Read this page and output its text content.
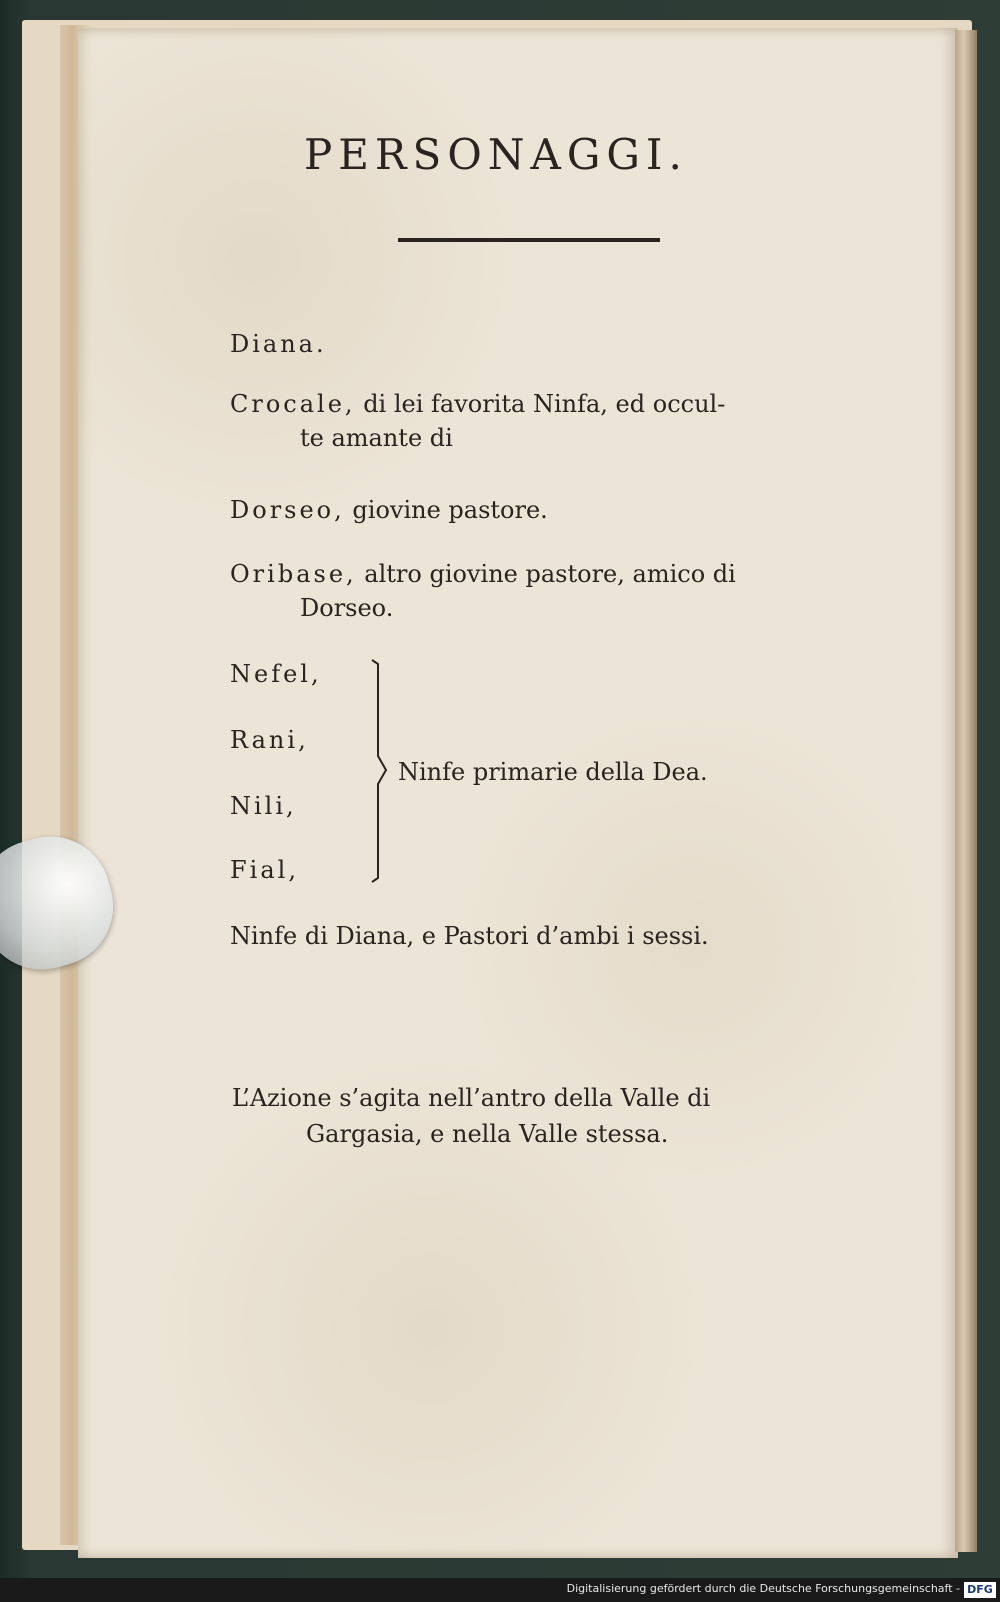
PERSONAGGI.
Diana.
Crocale, di lei favorita Ninfa, ed occul-
te amante di
Dorseo, giovine pastore.
Oribase, altro giovine pastore, amico di
Dorseo.
Nefel,
Rani,
Nili,
Fial,
Ninfe primarie della Dea.
Ninfe di Diana, e Pastori d’ambi i sessi.
L’Azione s’agita nell’antro della Valle di
Gargasia, e nella Valle stessa.
Digitalisierung gefördert durch die Deutsche Forschungsgemeinschaft - DFG
